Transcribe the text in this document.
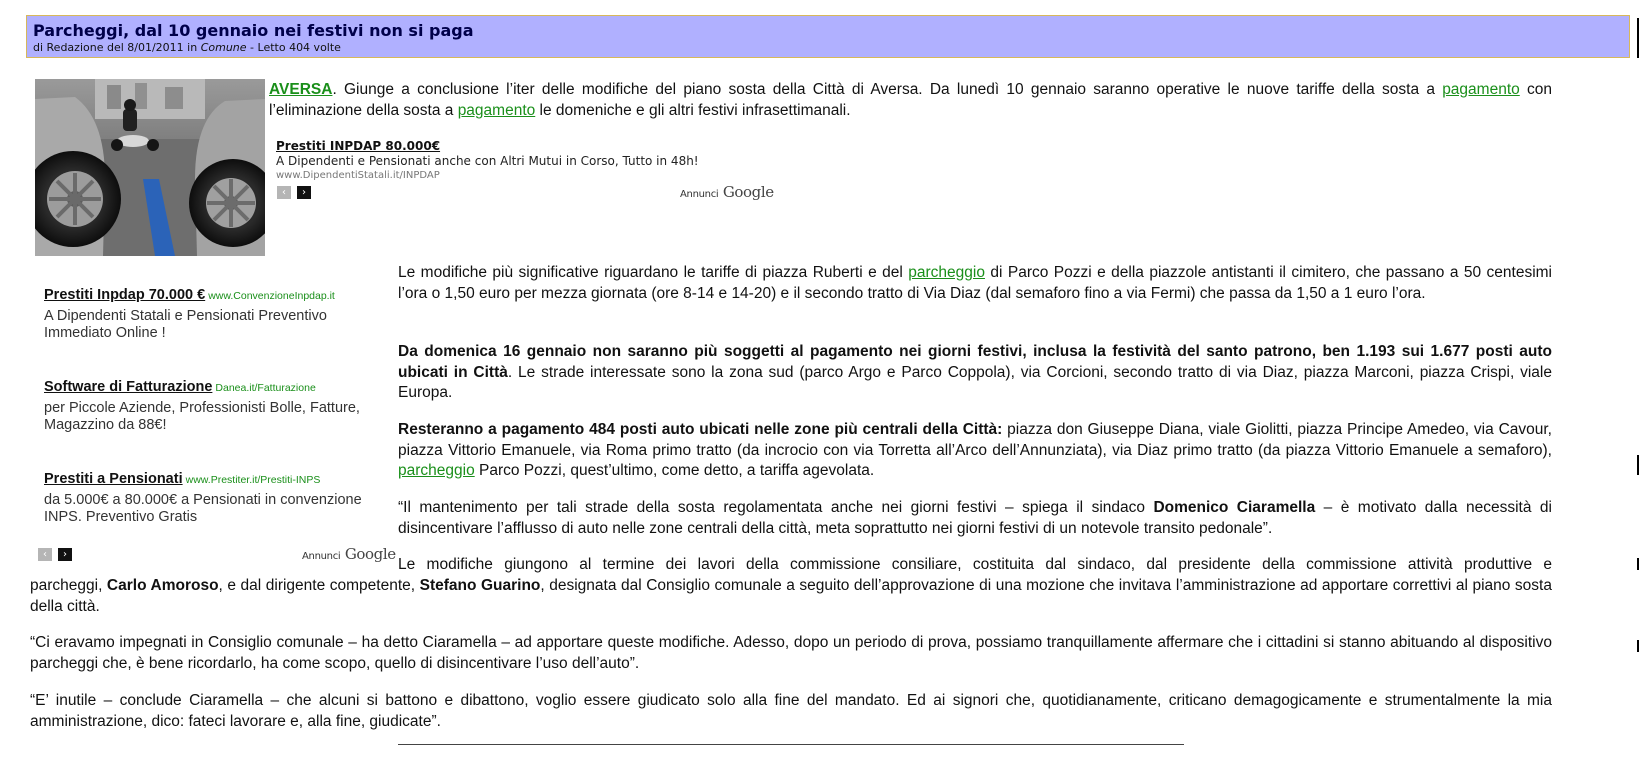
Parcheggi, dal 10 gennaio nei festivi non si paga
di Redazione del 8/01/2011 in Comune - Letto 404 volte

AVERSA. Giunge a conclusione l’iter delle modifiche del piano sosta della Città di Aversa. Da lunedì 10 gennaio saranno operative le nuove tariffe della sosta a pagamento con l’eliminazione della sosta a pagamento le domeniche e gli altri festivi infrasettimanali.

Prestiti INPDAP 80.000€
A Dipendenti e Pensionati anche con Altri Mutui in Corso, Tutto in 48h!
www.DipendentiStatali.it/INPDAP
‹	›	Annunci Google
Prestiti Inpdap 70.000 € www.ConvenzioneInpdap.it
A Dipendenti Statali e Pensionati Preventivo Immediato Online !
Software di Fatturazione Danea.it/Fatturazione
per Piccole Aziende, Professionisti Bolle, Fatture, Magazzino da 88€!
Prestiti a Pensionati www.Prestiter.it/Prestiti-INPS
da 5.000€ a 80.000€ a Pensionati in convenzione INPS. Preventivo Gratis
‹	›	Annunci Google

Le modifiche più significative riguardano le tariffe di piazza Ruberti e del parcheggio di Parco Pozzi e della piazzole antistanti il cimitero, che passano a 50 centesimi l’ora o 1,50 euro per mezza giornata (ore 8-14 e 14-20) e il secondo tratto di Via Diaz (dal semaforo fino a via Fermi) che passa da 1,50 a 1 euro l’ora.

Da domenica 16 gennaio non saranno più soggetti al pagamento nei giorni festivi, inclusa la festività del santo patrono, ben 1.193 sui 1.677 posti auto ubicati in Città. Le strade interessate sono la zona sud (parco Argo e Parco Coppola), via Corcioni, secondo tratto di via Diaz, piazza Marconi, piazza Crispi, viale Europa.

Resteranno a pagamento 484 posti auto ubicati nelle zone più centrali della Città: piazza don Giuseppe Diana, viale Giolitti, piazza Principe Amedeo, via Cavour, piazza Vittorio Emanuele, via Roma primo tratto (da incrocio con via Torretta all’Arco dell’Annunziata), via Diaz primo tratto (da piazza Vittorio Emanuele a semaforo), parcheggio Parco Pozzi, quest’ultimo, come detto, a tariffa agevolata.

“Il mantenimento per tali strade della sosta regolamentata anche nei giorni festivi – spiega il sindaco Domenico Ciaramella – è motivato dalla necessità di disincentivare l’afflusso di auto nelle zone centrali della città, meta soprattutto nei giorni festivi di un notevole transito pedonale”.

Le modifiche giungono al termine dei lavori della commissione consiliare, costituita dal sindaco, dal presidente della commissione attività produttive e

parcheggi, Carlo Amoroso, e dal dirigente competente, Stefano Guarino, designata dal Consiglio comunale a seguito dell’approvazione di una mozione che invitava l’amministrazione ad apportare correttivi al piano sosta della città.

“Ci eravamo impegnati in Consiglio comunale – ha detto Ciaramella – ad apportare queste modifiche. Adesso, dopo un periodo di prova, possiamo tranquillamente affermare che i cittadini si stanno abituando al dispositivo parcheggi che, è bene ricordarlo, ha come scopo, quello di disincentivare l’uso dell’auto”.

“E’ inutile – conclude Ciaramella – che alcuni si battono e dibattono, voglio essere giudicato solo alla fine del mandato. Ed ai signori che, quotidianamente, criticano demagogicamente e strumentalmente la mia amministrazione, dico: fateci lavorare e, alla fine, giudicate”.
